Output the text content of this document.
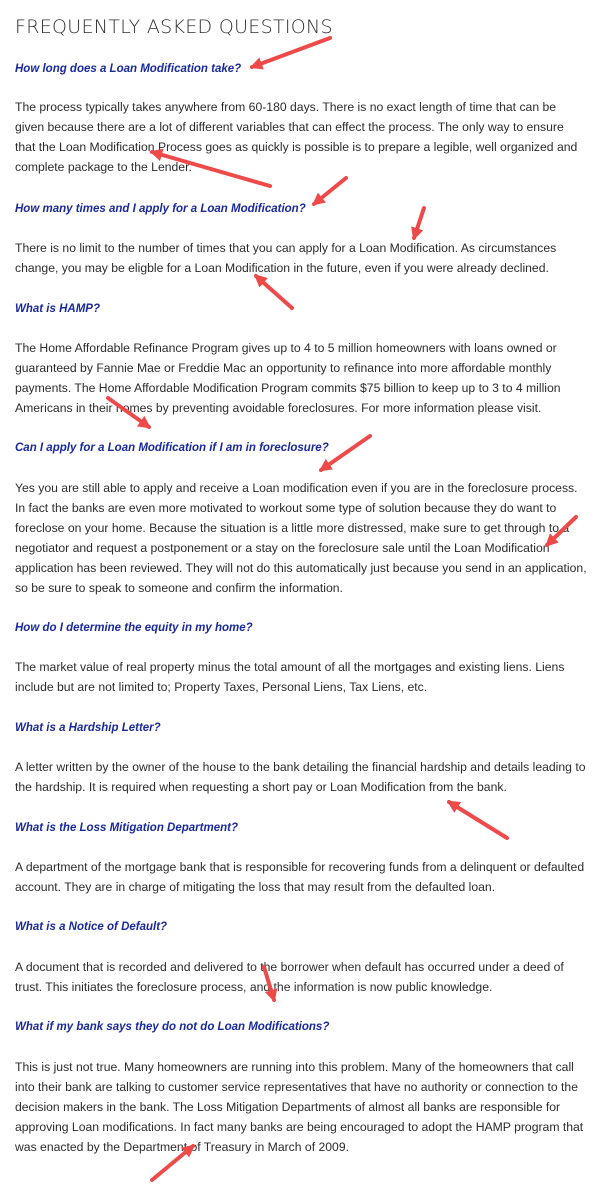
FREQUENTLY ASKED QUESTIONS
How long does a Loan Modification take?

The process typically takes anywhere from 60-180 days. There is no exact length of time that can be given because there are a lot of different variables that can effect the process. The only way to ensure that the Loan Modification Process goes as quickly is possible is to prepare a legible, well organized and complete package to the Lender.

How many times and I apply for a Loan Modification?

There is no limit to the number of times that you can apply for a Loan Modification. As circumstances change, you may be eligble for a Loan Modification in the future, even if you were already declined.

What is HAMP?

The Home Affordable Refinance Program gives up to 4 to 5 million homeowners with loans owned or guaranteed by Fannie Mae or Freddie Mac an opportunity to refinance into more affordable monthly payments. The Home Affordable Modification Program commits $75 billion to keep up to 3 to 4 million Americans in their homes by preventing avoidable foreclosures. For more information please visit.

Can I apply for a Loan Modification if I am in foreclosure?

Yes you are still able to apply and receive a Loan modification even if you are in the foreclosure process. In fact the banks are even more motivated to workout some type of solution because they do want to foreclose on your home. Because the situation is a little more distressed, make sure to get through to a negotiator and request a postponement or a stay on the foreclosure sale until the Loan Modification application has been reviewed. They will not do this automatically just because you send in an application, so be sure to speak to someone and confirm the information.

How do I determine the equity in my home?

The market value of real property minus the total amount of all the mortgages and existing liens. Liens include but are not limited to; Property Taxes, Personal Liens, Tax Liens, etc.

What is a Hardship Letter?

A letter written by the owner of the house to the bank detailing the financial hardship and details leading to the hardship. It is required when requesting a short pay or Loan Modification from the bank.

What is the Loss Mitigation Department?

A department of the mortgage bank that is responsible for recovering funds from a delinquent or defaulted account. They are in charge of mitigating the loss that may result from the defaulted loan.

What is a Notice of Default?

A document that is recorded and delivered to the borrower when default has occurred under a deed of trust. This initiates the foreclosure process, and the information is now public knowledge.

What if my bank says they do not do Loan Modifications?

This is just not true. Many homeowners are running into this problem. Many of the homeowners that call into their bank are talking to customer service representatives that have no authority or connection to the decision makers in the bank. The Loss Mitigation Departments of almost all banks are responsible for approving Loan modifications. In fact many banks are being encouraged to adopt the HAMP program that was enacted by the Department of Treasury in March of 2009.
